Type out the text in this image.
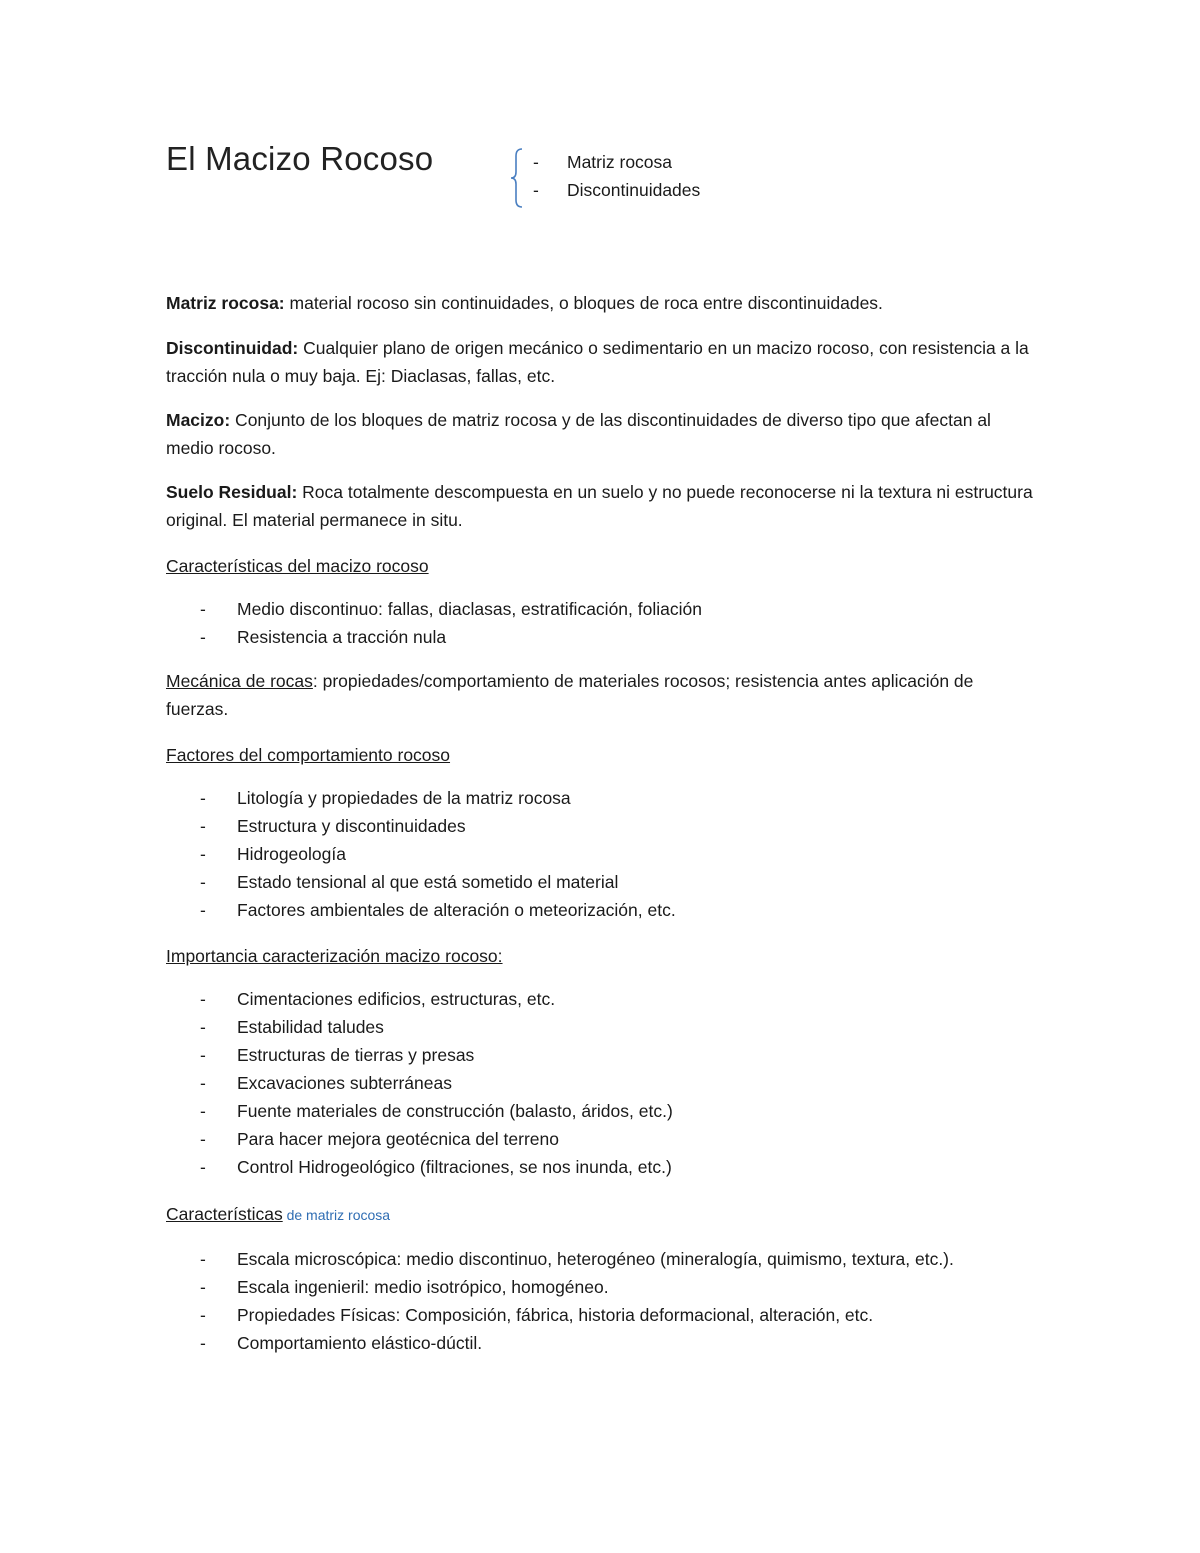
El Macizo Rocoso	- Matriz rocosa
- Discontinuidades

Matriz rocosa: material rocoso sin continuidades, o bloques de roca entre discontinuidades.

Discontinuidad: Cualquier plano de origen mecánico o sedimentario en un macizo rocoso, con resistencia a la tracción nula o muy baja. Ej: Diaclasas, fallas, etc.

Macizo: Conjunto de los bloques de matriz rocosa y de las discontinuidades de diverso tipo que afectan al medio rocoso.

Suelo Residual: Roca totalmente descompuesta en un suelo y no puede reconocerse ni la textura ni estructura original. El material permanece in situ.

Características del macizo rocoso

- Medio discontinuo: fallas, diaclasas, estratificación, foliación
- Resistencia a tracción nula

Mecánica de rocas: propiedades/comportamiento de materiales rocosos; resistencia antes aplicación de fuerzas.

Factores del comportamiento rocoso

- Litología y propiedades de la matriz rocosa
- Estructura y discontinuidades
- Hidrogeología
- Estado tensional al que está sometido el material
- Factores ambientales de alteración o meteorización, etc.

Importancia caracterización macizo rocoso:

- Cimentaciones edificios, estructuras, etc.
- Estabilidad taludes
- Estructuras de tierras y presas
- Excavaciones subterráneas
- Fuente materiales de construcción (balasto, áridos, etc.)
- Para hacer mejora geotécnica del terreno
- Control Hidrogeológico (filtraciones, se nos inunda, etc.)

Características de matriz rocosa

- Escala microscópica: medio discontinuo, heterogéneo (mineralogía, quimismo, textura, etc.).
- Escala ingenieril: medio isotrópico, homogéneo.
- Propiedades Físicas: Composición, fábrica, historia deformacional, alteración, etc.
- Comportamiento elástico-dúctil.
